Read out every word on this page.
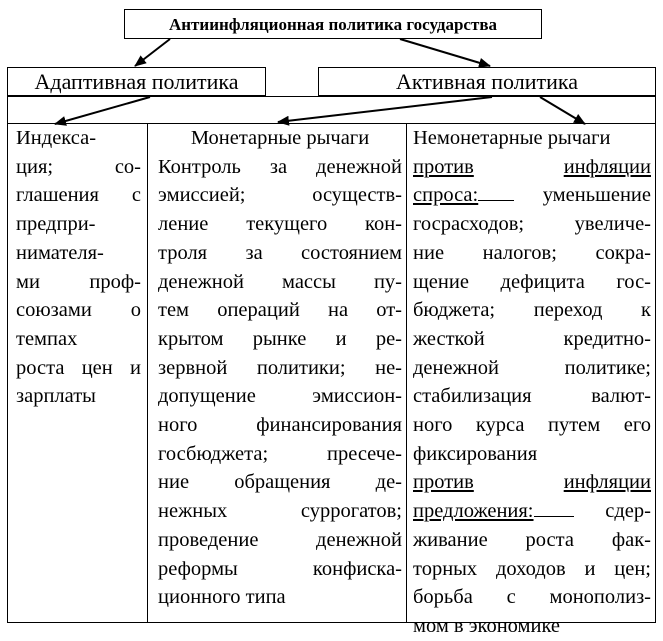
Антиинфляционная политика государства
Адаптивная политика	Активная политика
Индекса-
ция; со-
глашения с
предпри-
нимателя-
ми проф-
союзами о
темпах
роста цен и
зарплаты
Монетарные рычаги
Контроль за денежной
эмиссией; осуществ-
ление текущего кон-
троля за состоянием
денежной массы пу-
тем операций на от-
крытом рынке и ре-
зервной политики; не-
допущение эмиссион-
ного финансирования
госбюджета; пресече-
ние обращения де-
нежных суррогатов;
проведение денежной
реформы конфиска-
ционного типа
Немонетарные рычаги
против	инфляции
спроса:	уменьшение
госрасходов; увеличе-
ние налогов; сокра-
щение дефицита гос-
бюджета; переход к
жесткой кредитно-
денежной политике;
стабилизация валют-
ного курса путем его
фиксирования
против	инфляции
предложения:	сдер-
живание роста фак-
торных доходов и цен;
борьба с монополиз-
мом в экономике
